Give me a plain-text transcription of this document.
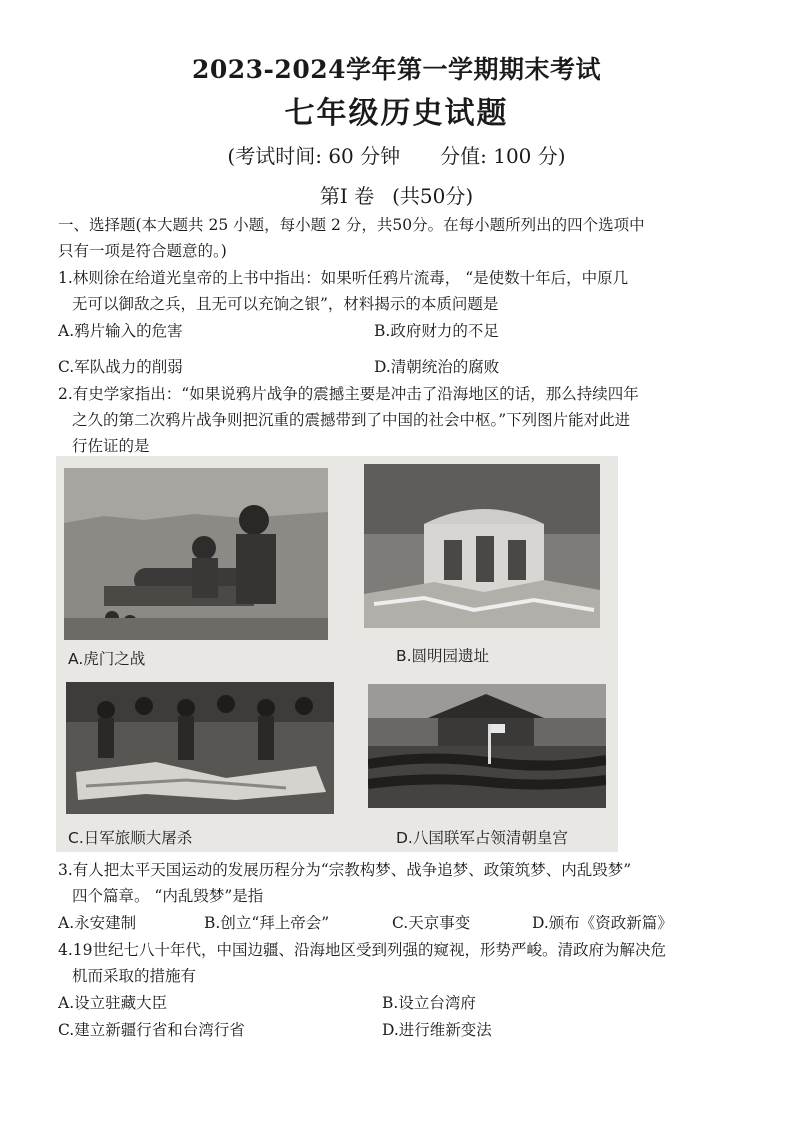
2023-2024学年第一学期期末考试
七年级历史试题
(考试时间: 60 分钟 分值: 100 分)
第Ⅰ 卷 (共50分)
一、选择题(本大题共 25 小题，每小题 2 分，共50分。在每小题所列出的四个选项中
只有一项是符合题意的。)
1.林则徐在给道光皇帝的上书中指出：如果听任鸦片流毒， “是使数十年后，中原几
无可以御敌之兵，且无可以充饷之银”，材料揭示的本质问题是
A.鸦片输入的危害	B.政府财力的不足
C.军队战力的削弱	D.清朝统治的腐败
2.有史学家指出：“如果说鸦片战争的震撼主要是冲击了沿海地区的话，那么持续四年
之久的第二次鸦片战争则把沉重的震撼带到了中国的社会中枢。”下列图片能对此进
行佐证的是
A.虎门之战	B.圆明园遗址
C.日军旅顺大屠杀	D.八国联军占领清朝皇宫
3.有人把太平天国运动的发展历程分为“宗教构梦、战争追梦、政策筑梦、内乱毁梦”
四个篇章。 “内乱毁梦”是指
A.永安建制	B.创立“拜上帝会”	C.天京事变	D.颁布《资政新篇》
4.19世纪七八十年代，中国边疆、沿海地区受到列强的窥视，形势严峻。清政府为解决危
机而采取的措施有
A.设立驻藏大臣	B.设立台湾府
C.建立新疆行省和台湾行省	D.进行维新变法
